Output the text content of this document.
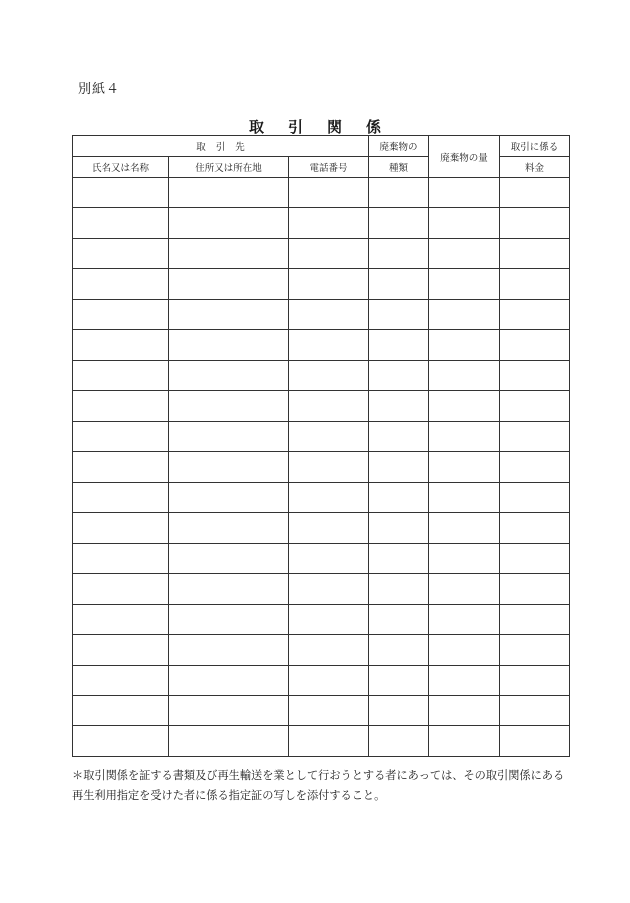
別紙４
取引関係
取引先			廃棄物の	廃棄物の量	取引に係る
氏名又は名称	住所又は所在地	電話番号	種類		料金

＊取引関係を証する書類及び再生輸送を業として行おうとする者にあっては、その取引関係にある
再生利用指定を受けた者に係る指定証の写しを添付すること。
